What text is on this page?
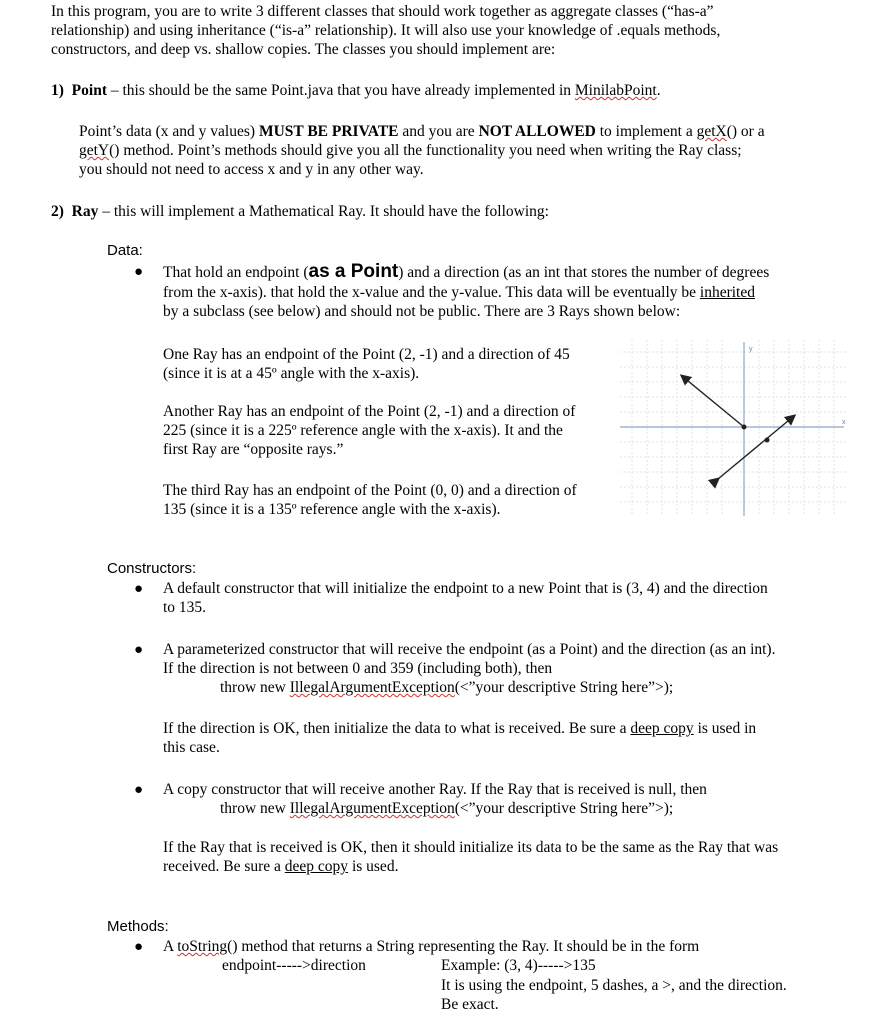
In this program, you are to write 3 different classes that should work together as aggregate classes (“has-a”
relationship) and using inheritance (“is-a” relationship). It will also use your knowledge of .equals methods,
constructors, and deep vs. shallow copies. The classes you should implement are:
1) Point – this should be the same Point.java that you have already implemented in MinilabPoint.
Point’s data (x and y values) MUST BE PRIVATE and you are NOT ALLOWED to implement a getX() or a
getY() method. Point’s methods should give you all the functionality you need when writing the Ray class;
you should not need to access x and y in any other way.
2) Ray – this will implement a Mathematical Ray. It should have the following:
Data:
● That hold an endpoint (as a Point) and a direction (as an int that stores the number of degrees
from the x-axis). that hold the x-value and the y-value. This data will be eventually be inherited
by a subclass (see below) and should not be public. There are 3 Rays shown below:
One Ray has an endpoint of the Point (2, -1) and a direction of 45
(since it is at a 45º angle with the x-axis).
Another Ray has an endpoint of the Point (2, -1) and a direction of
225 (since it is a 225º reference angle with the x-axis). It and the
first Ray are “opposite rays.”
The third Ray has an endpoint of the Point (0, 0) and a direction of
135 (since it is a 135º reference angle with the x-axis).
y
x
Constructors:
● A default constructor that will initialize the endpoint to a new Point that is (3, 4) and the direction
to 135.
● A parameterized constructor that will receive the endpoint (as a Point) and the direction (as an int).
If the direction is not between 0 and 359 (including both), then
throw new IllegalArgumentException(<”your descriptive String here”>);
If the direction is OK, then initialize the data to what is received. Be sure a deep copy is used in
this case.
● A copy constructor that will receive another Ray. If the Ray that is received is null, then
throw new IllegalArgumentException(<”your descriptive String here”>);
If the Ray that is received is OK, then it should initialize its data to be the same as the Ray that was
received. Be sure a deep copy is used.
Methods:
● A toString() method that returns a String representing the Ray. It should be in the form
endpoint----->direction	Example: (3, 4)----->135
It is using the endpoint, 5 dashes, a >, and the direction.
Be exact.
